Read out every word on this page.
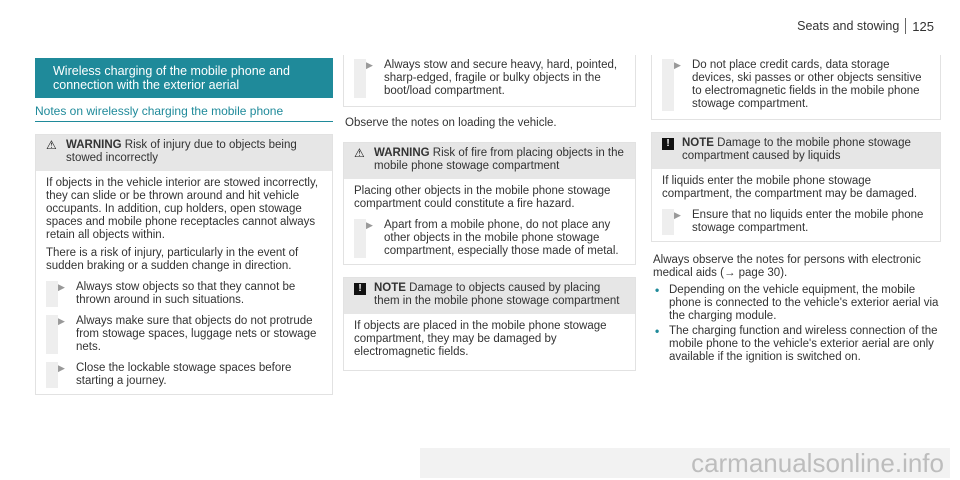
Seats and stowing 125
Wireless charging of the mobile phone and connection with the exterior aerial
Notes on wirelessly charging the mobile phone
⚠ WARNING Risk of injury due to objects being stowed incorrectly

If objects in the vehicle interior are stowed incorrectly, they can slide or be thrown around and hit vehicle occupants. In addition, cup holders, open stowage spaces and mobile phone receptacles cannot always retain all objects within.

There is a risk of injury, particularly in the event of sudden braking or a sudden change in direction.

▶ Always stow objects so that they cannot be thrown around in such situations.
▶ Always make sure that objects do not protrude from stowage spaces, luggage nets or stowage nets.
▶ Close the lockable stowage spaces before starting a journey.
▶ Always stow and secure heavy, hard, pointed, sharp-edged, fragile or bulky objects in the boot/load compartment.
Observe the notes on loading the vehicle.
⚠ WARNING Risk of fire from placing objects in the mobile phone stowage compartment

Placing other objects in the mobile phone stowage compartment could constitute a fire hazard.

▶ Apart from a mobile phone, do not place any other objects in the mobile phone stowage compartment, especially those made of metal.
!	NOTE Damage to objects caused by placing them in the mobile phone stowage compartment

If objects are placed in the mobile phone stowage compartment, they may be damaged by electromagnetic fields.

▶ Do not place credit cards, data storage devices, ski passes or other objects sensitive to electromagnetic fields in the mobile phone stowage compartment.
!	NOTE Damage to the mobile phone stowage compartment caused by liquids

If liquids enter the mobile phone stowage compartment, the compartment may be damaged.

▶ Ensure that no liquids enter the mobile phone stowage compartment.
Always observe the notes for persons with electronic medical aids (→ page 30).
• Depending on the vehicle equipment, the mobile phone is connected to the vehicle's exterior aerial via the charging module.
• The charging function and wireless connection of the mobile phone to the vehicle's exterior aerial are only available if the ignition is switched on.
carmanualsonline.info
